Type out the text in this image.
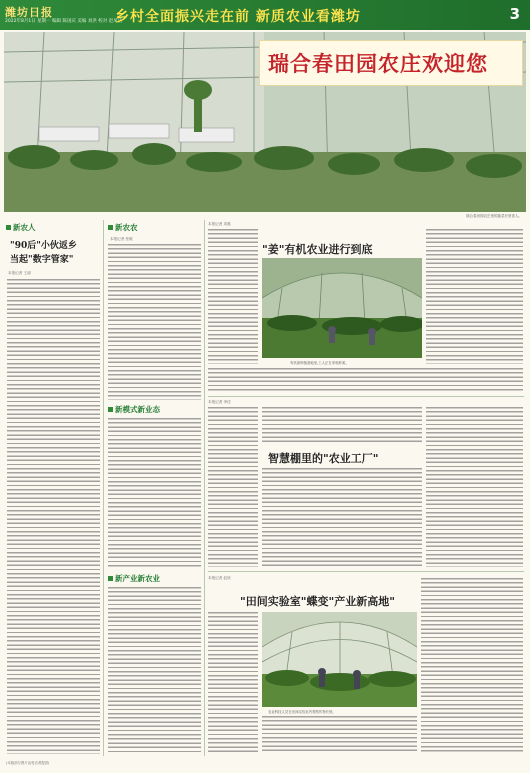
潍坊日报
2022年8月1日 星期一 编辑 陈国庆 美编 刘洪 校对 赵凤洁
乡村全面振兴走在前 新质农业看潍坊	3
瑞合春田园农庄欢迎您
瑞合春田园农庄里的蔬菜长势喜人。
新农人
"90后"小伙返乡
当起"数字管家"
本报记者 王丽
新农农
本报记者 张敏
新模式新业态
新产业新农业
"姜"有机农业进行到底
本报记者 刘磊
有机姜种植基地里,工人正在采收鲜姜。
智慧棚里的"农业工厂"
本报记者 李佳
"田间实验室"蝶变"产业新高地"
本报记者 赵欣
农业科技人员在田间实验室内观察作物长势。
(本版部分图片由受访者提供)
